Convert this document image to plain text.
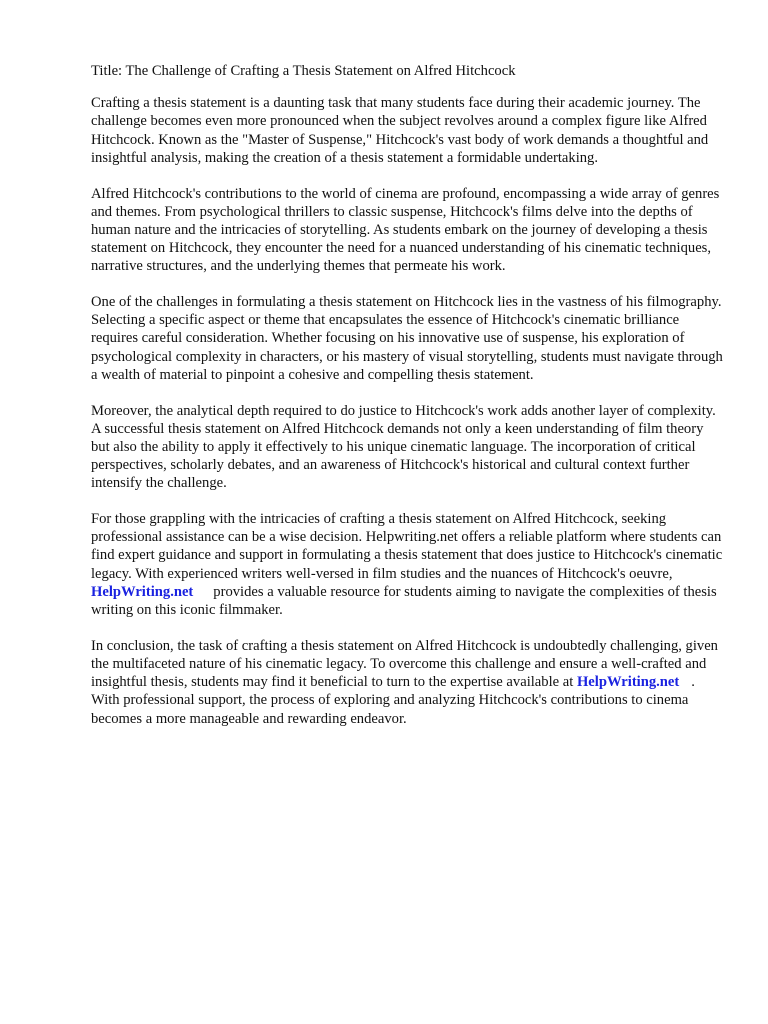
Title: The Challenge of Crafting a Thesis Statement on Alfred Hitchcock

Crafting a thesis statement is a daunting task that many students face during their academic journey. The challenge becomes even more pronounced when the subject revolves around a complex figure like Alfred Hitchcock. Known as the "Master of Suspense," Hitchcock's vast body of work demands a thoughtful and insightful analysis, making the creation of a thesis statement a formidable undertaking.

Alfred Hitchcock's contributions to the world of cinema are profound, encompassing a wide array of genres and themes. From psychological thrillers to classic suspense, Hitchcock's films delve into the depths of human nature and the intricacies of storytelling. As students embark on the journey of developing a thesis statement on Hitchcock, they encounter the need for a nuanced understanding of his cinematic techniques, narrative structures, and the underlying themes that permeate his work.

One of the challenges in formulating a thesis statement on Hitchcock lies in the vastness of his filmography. Selecting a specific aspect or theme that encapsulates the essence of Hitchcock's cinematic brilliance requires careful consideration. Whether focusing on his innovative use of suspense, his exploration of psychological complexity in characters, or his mastery of visual storytelling, students must navigate through a wealth of material to pinpoint a cohesive and compelling thesis statement.

Moreover, the analytical depth required to do justice to Hitchcock's work adds another layer of complexity. A successful thesis statement on Alfred Hitchcock demands not only a keen understanding of film theory but also the ability to apply it effectively to his unique cinematic language. The incorporation of critical perspectives, scholarly debates, and an awareness of Hitchcock's historical and cultural context further intensify the challenge.

For those grappling with the intricacies of crafting a thesis statement on Alfred Hitchcock, seeking professional assistance can be a wise decision. Helpwriting.net offers a reliable platform where students can find expert guidance and support in formulating a thesis statement that does justice to Hitchcock's cinematic legacy. With experienced writers well-versed in film studies and the nuances of Hitchcock's oeuvre,HelpWriting.net provides a valuable resource for students aiming to navigate the complexities of thesis writing on this iconic filmmaker.

In conclusion, the task of crafting a thesis statement on Alfred Hitchcock is undoubtedly challenging, given the multifaceted nature of his cinematic legacy. To overcome this challenge and ensure a well-crafted and insightful thesis, students may find it beneficial to turn to the expertise available at HelpWriting.net . With professional support, the process of exploring and analyzing Hitchcock's contributions to cinema becomes a more manageable and rewarding endeavor.
